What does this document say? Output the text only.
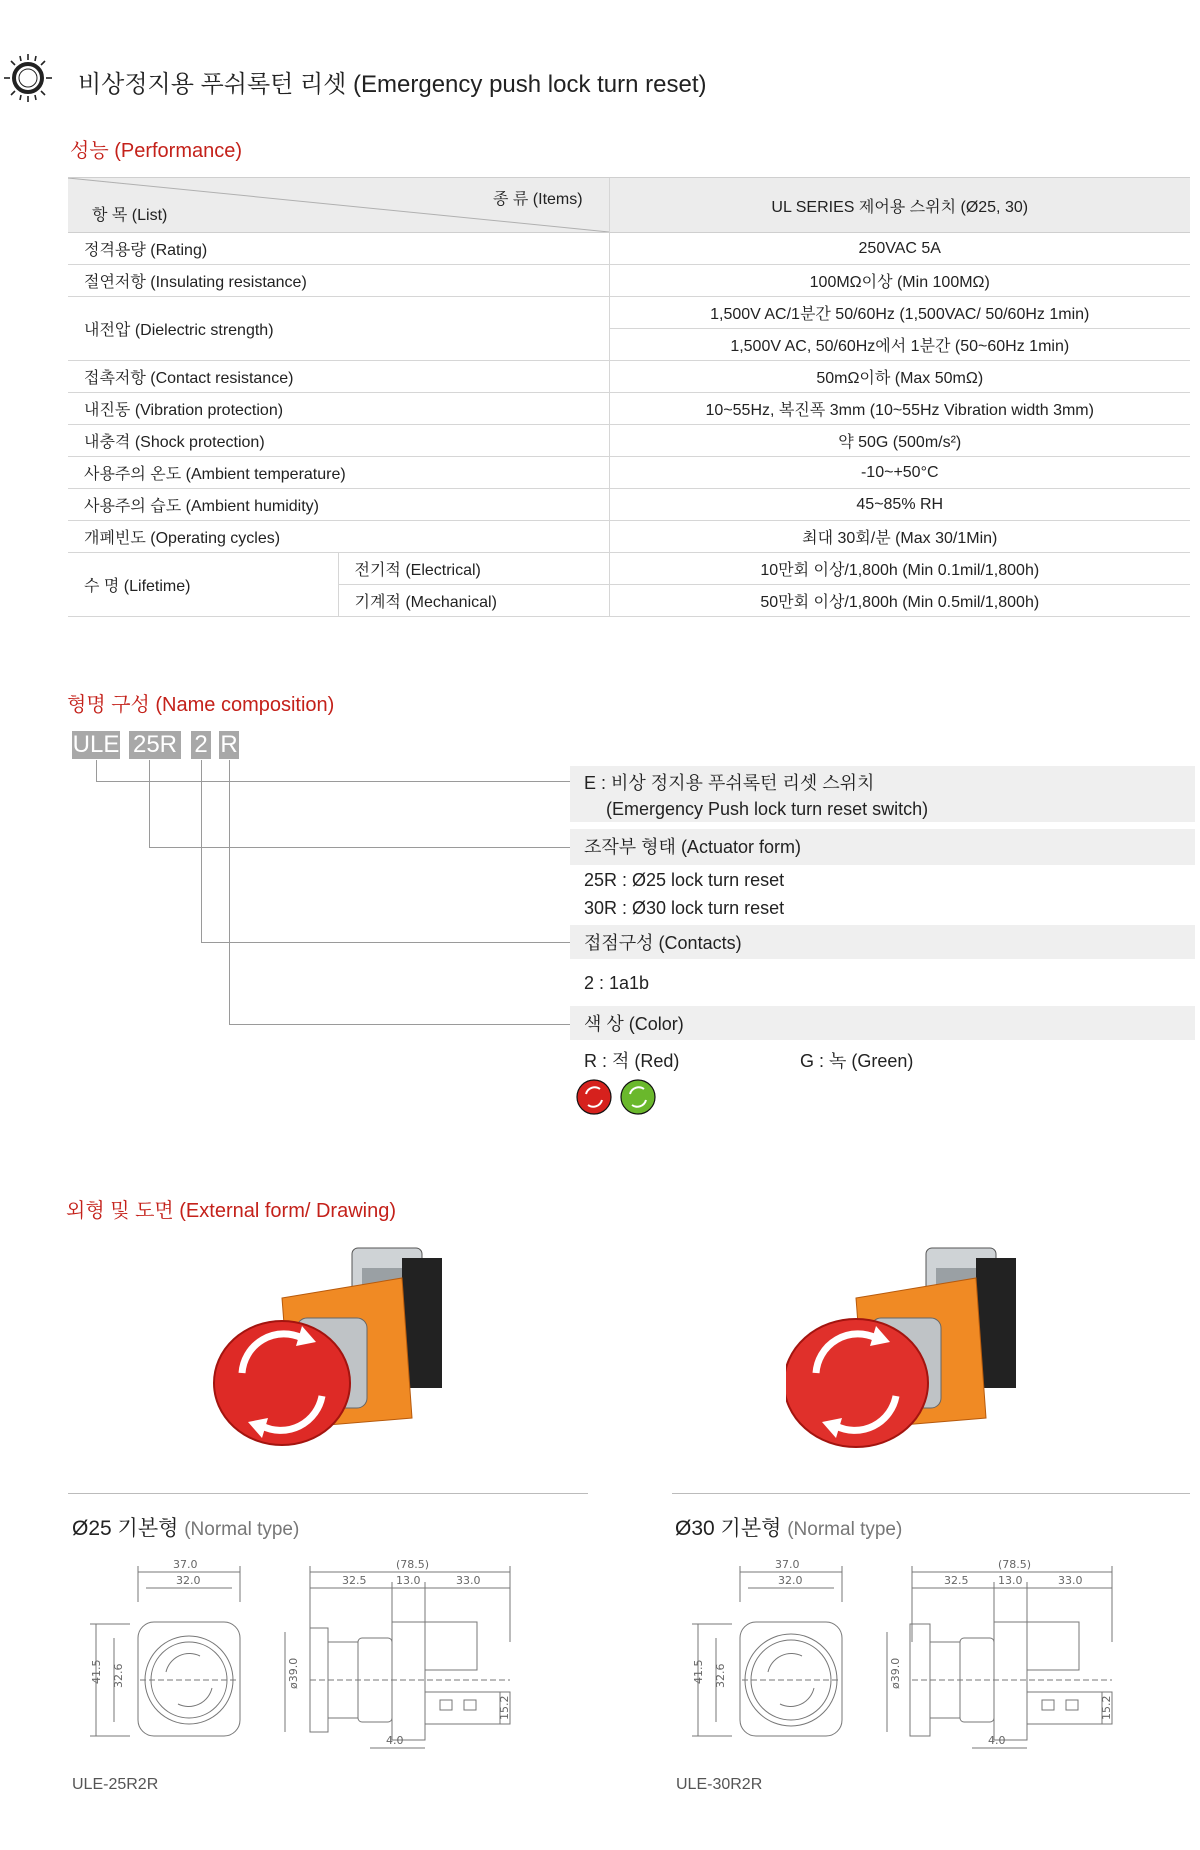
비상정지용 푸쉬록턴 리셋 (Emergency push lock turn reset)
성능 (Performance)
종 류 (Items)
항 목 (List)		UL SERIES 제어용 스위치 (Ø25, 30)
정격용량 (Rating)		250VAC 5A
절연저항 (Insulating resistance)		100MΩ이상 (Min 100MΩ)
내전압 (Dielectric strength)		1,500V AC/1분간 50/60Hz (1,500VAC/ 50/60Hz 1min)
		1,500V AC, 50/60Hz에서 1분간 (50~60Hz 1min)
접촉저항 (Contact resistance)		50mΩ이하 (Max 50mΩ)
내진동 (Vibration protection)		10~55Hz, 복진폭 3mm (10~55Hz Vibration width 3mm)
내충격 (Shock protection)		약 50G (500m/s²)
사용주의 온도 (Ambient temperature)		-10~+50°C
사용주의 습도 (Ambient humidity)		45~85% RH
개폐빈도 (Operating cycles)		최대 30회/분 (Max 30/1Min)
수 명 (Lifetime)	전기적 (Electrical)	10만회 이상/1,800h (Min 0.1mil/1,800h)
	기계적 (Mechanical)	50만회 이상/1,800h (Min 0.5mil/1,800h)
형명 구성 (Name composition)
ULE 25R 2 R
E : 비상 정지용 푸쉬록턴 리셋 스위치
(Emergency Push lock turn reset switch)
조작부 형태 (Actuator form)
25R : Ø25 lock turn reset
30R : Ø30 lock turn reset
접점구성 (Contacts)
2 : 1a1b
색 상 (Color)
R : 적 (Red)	G : 녹 (Green)
외형 및 도면 (External form/ Drawing)
Ø25 기본형 (Normal type)	Ø30 기본형 (Normal type)
37.0
32.0
41.5 32.6
(78.5)
32.5	13.0	33.0
ø39.0
15.2
4.0
37.0
32.0
41.5 32.6
(78.5)
32.5	13.0	33.0
ø39.0
15.2
4.0
ULE-25R2R	ULE-30R2R
